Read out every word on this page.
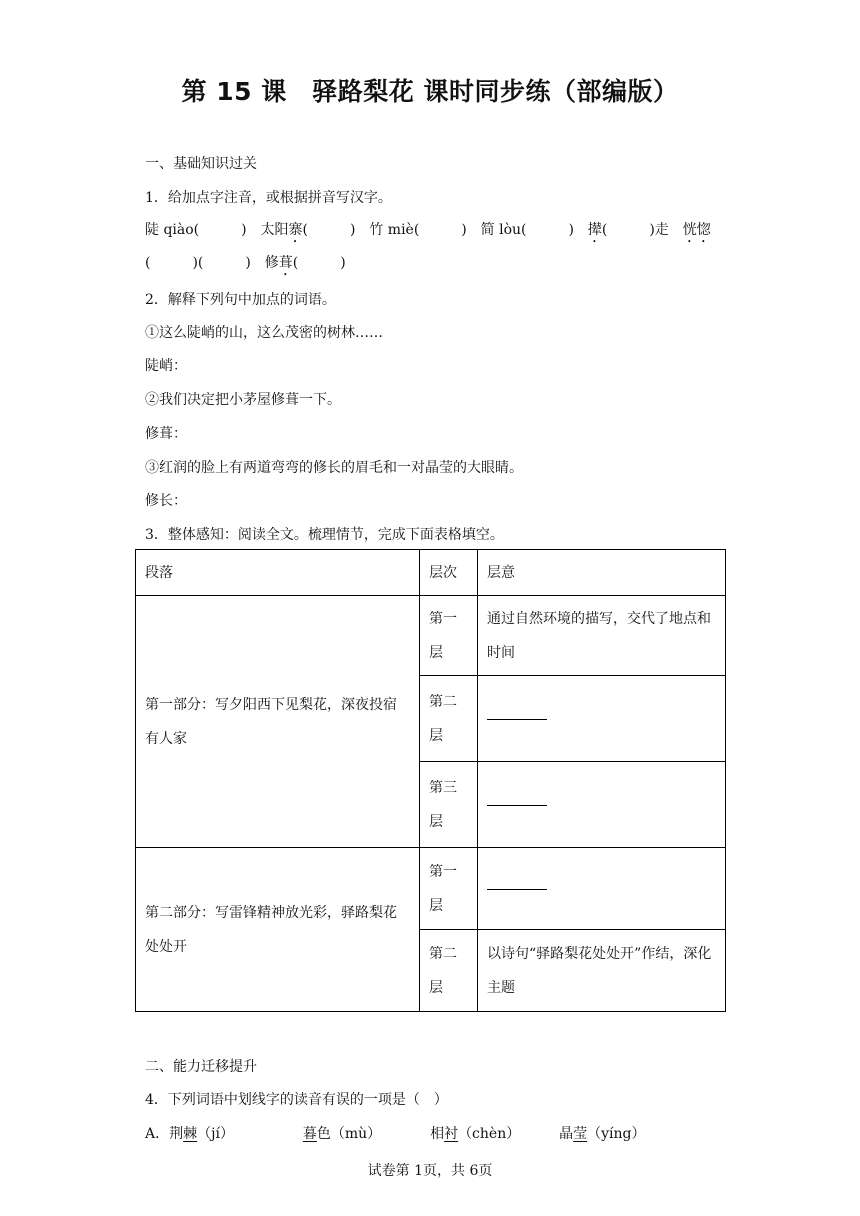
第 15 课　驿路梨花 课时同步练（部编版）
一、基础知识过关
1．给加点字注音，或根据拼音写汉字。
陡 qiào(　　　) 太阳寨(　　　) 竹 miè(　　　) 简 lòu(　　　) 撵(　　　)走 恍惚
(　　　)(　　　) 修葺(　　　)
2．解释下列句中加点的词语。
①这么陡峭的山，这么茂密的树林……
陡峭：
②我们决定把小茅屋修葺一下。
修葺：
③红润的脸上有两道弯弯的修长的眉毛和一对晶莹的大眼睛。
修长：
3．整体感知：阅读全文。梳理情节，完成下面表格填空。
段落	层次	层意
第一部分：写夕阳西下见梨花，深夜投宿有人家	第一层	通过自然环境的描写，交代了地点和时间
	第二层	
	第三层	
第二部分：写雷锋精神放光彩，驿路梨花处处开	第一层	
	第二层	以诗句“驿路梨花处处开”作结，深化主题
二、能力迁移提升
4．下列词语中划线字的读音有误的一项是（　）
A．荆棘（jí）	暮色（mù）	相衬（chèn）	晶莹（yíng）
试卷第 1页，共 6页
